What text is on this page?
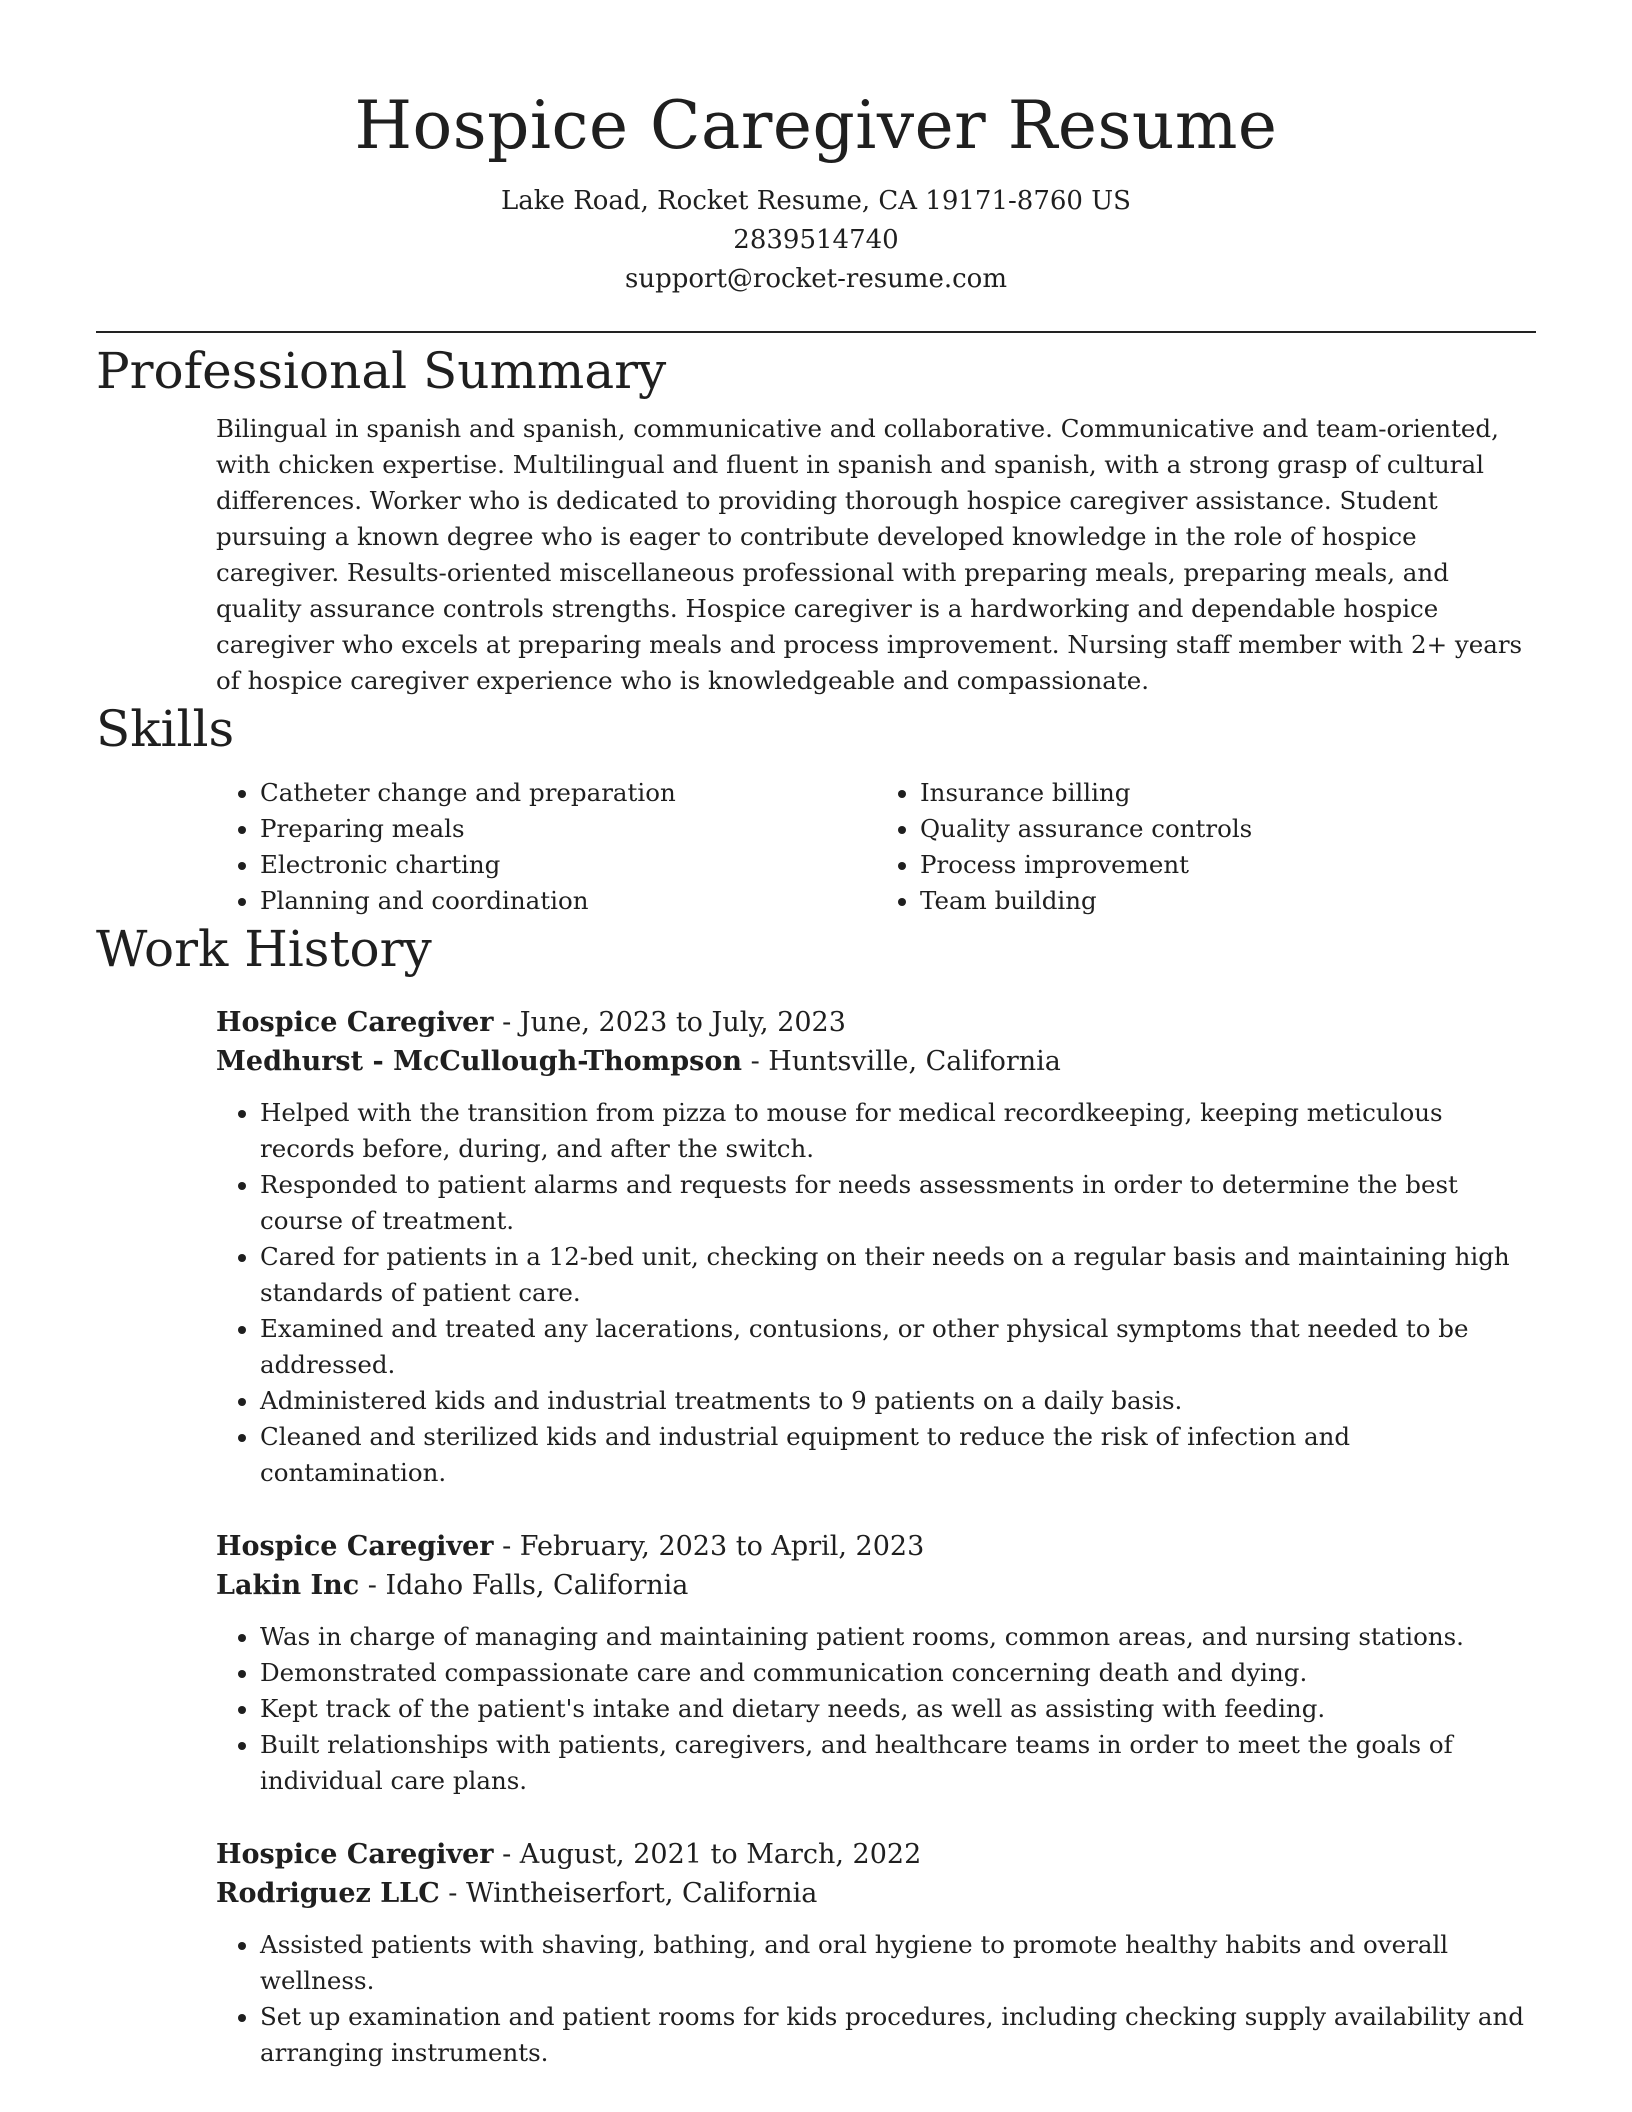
Hospice Caregiver Resume
Lake Road, Rocket Resume, CA 19171-8760 US
2839514740
support@rocket-resume.com
Professional Summary
Bilingual in spanish and spanish, communicative and collaborative. Communicative and team-oriented, with chicken expertise. Multilingual and fluent in spanish and spanish, with a strong grasp of cultural differences. Worker who is dedicated to providing thorough hospice caregiver assistance. Student pursuing a known degree who is eager to contribute developed knowledge in the role of hospice caregiver. Results-oriented miscellaneous professional with preparing meals, preparing meals, and quality assurance controls strengths. Hospice caregiver is a hardworking and dependable hospice caregiver who excels at preparing meals and process improvement. Nursing staff member with 2+ years of hospice caregiver experience who is knowledgeable and compassionate.
Skills
• Catheter change and preparation
• Preparing meals
• Electronic charting
• Planning and coordination
• Insurance billing
• Quality assurance controls
• Process improvement
• Team building
Work History
Hospice Caregiver - June, 2023 to July, 2023
Medhurst - McCullough-Thompson - Huntsville, California
• Helped with the transition from pizza to mouse for medical recordkeeping, keeping meticulous records before, during, and after the switch.
• Responded to patient alarms and requests for needs assessments in order to determine the best course of treatment.
• Cared for patients in a 12-bed unit, checking on their needs on a regular basis and maintaining high standards of patient care.
• Examined and treated any lacerations, contusions, or other physical symptoms that needed to be addressed.
• Administered kids and industrial treatments to 9 patients on a daily basis.
• Cleaned and sterilized kids and industrial equipment to reduce the risk of infection and contamination.
Hospice Caregiver - February, 2023 to April, 2023
Lakin Inc - Idaho Falls, California
• Was in charge of managing and maintaining patient rooms, common areas, and nursing stations.
• Demonstrated compassionate care and communication concerning death and dying.
• Kept track of the patient's intake and dietary needs, as well as assisting with feeding.
• Built relationships with patients, caregivers, and healthcare teams in order to meet the goals of individual care plans.
Hospice Caregiver - August, 2021 to March, 2022
Rodriguez LLC - Wintheiserfort, California
• Assisted patients with shaving, bathing, and oral hygiene to promote healthy habits and overall wellness.
• Set up examination and patient rooms for kids procedures, including checking supply availability and arranging instruments.
